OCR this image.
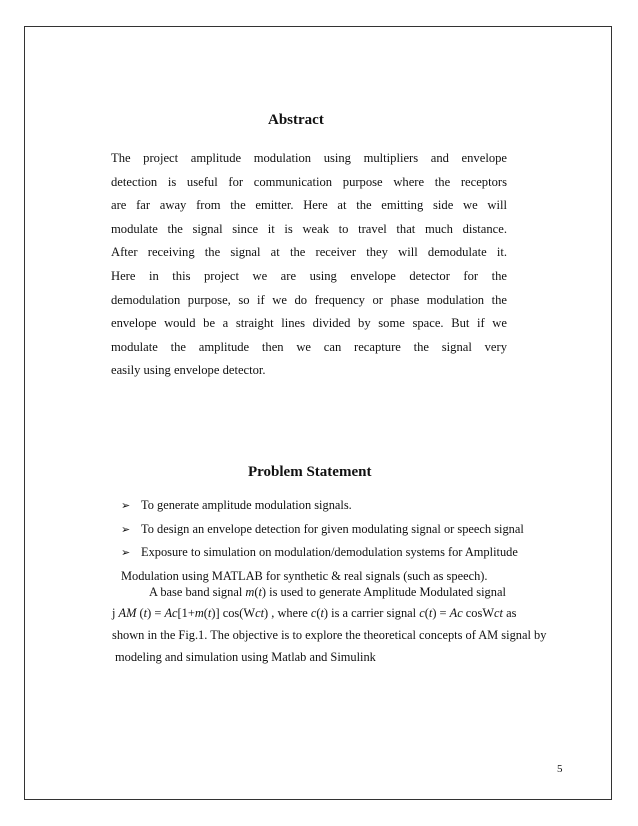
Abstract
The project amplitude modulation using multipliers and envelope
detection is useful for communication purpose where the receptors
are far away from the emitter. Here at the emitting side we will
modulate the signal since it is weak to travel that much distance.
After receiving the signal at the receiver they will demodulate it.
Here in this project we are using envelope detector for the
demodulation purpose, so if we do frequency or phase modulation the
envelope would be a straight lines divided by some space. But if we
modulate the amplitude then we can recapture the signal very
easily using envelope detector.
Problem Statement
➢ To generate amplitude modulation signals.
➢ To design an envelope detection for given modulating signal or speech signal
➢ Exposure to simulation on modulation/demodulation systems for Amplitude
Modulation using MATLAB for synthetic & real signals (such as speech).
A base band signal m(t) is used to generate Amplitude Modulated signal
j AM (t) = Ac[1+m(t)] cos(Wct) , where c(t) is a carrier signal c(t) = Ac cosWct as
shown in the Fig.1. The objective is to explore the theoretical concepts of AM signal by
modeling and simulation using Matlab and Simulink
5
